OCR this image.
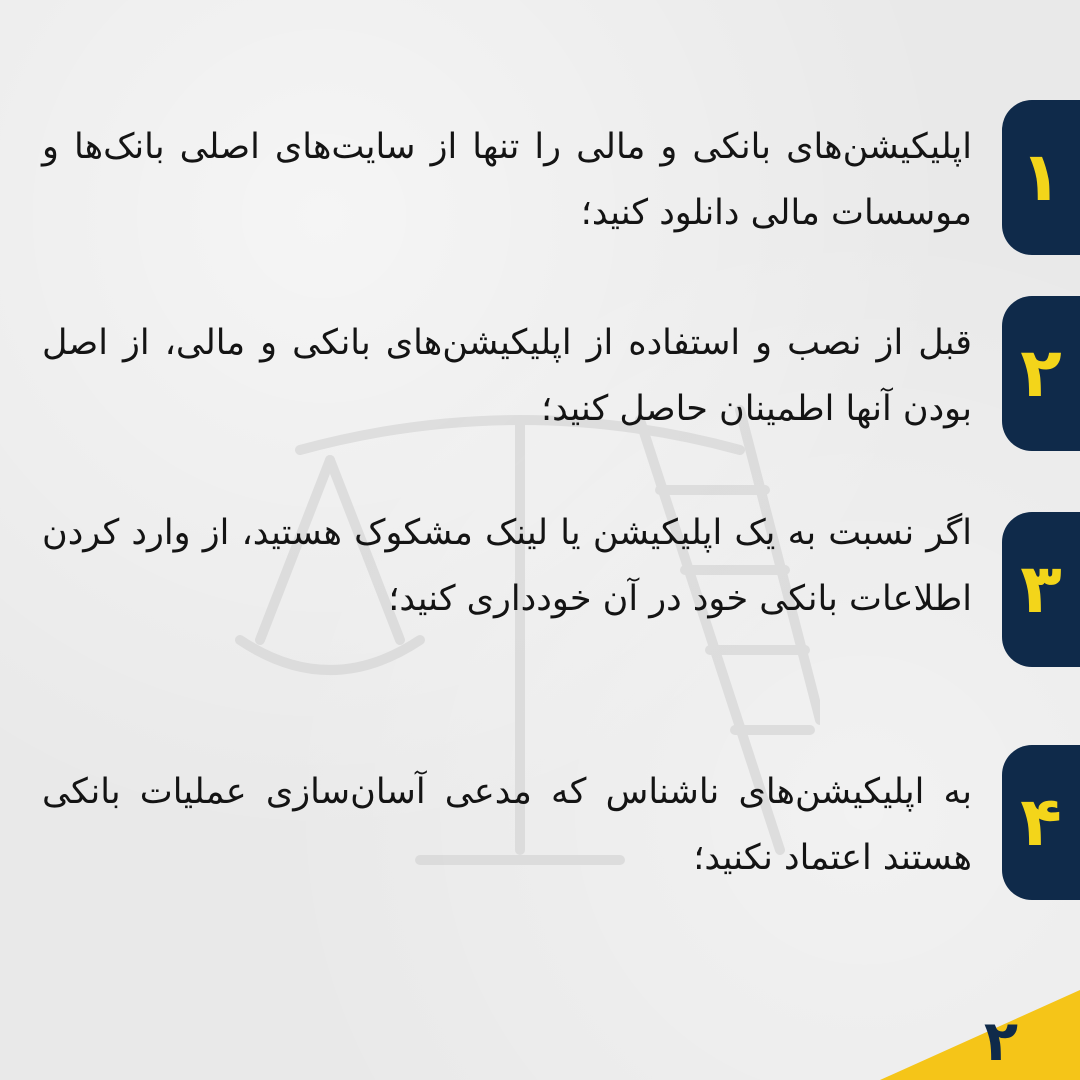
۱
اپلیکیشن‌های بانکی و مالی را تنها از سایت‌های اصلی بانک‌ها و موسسات مالی دانلود کنید؛
۲
قبل از نصب و استفاده از اپلیکیشن‌های بانکی و مالی، از اصل بودن آنها اطمینان حاصل کنید؛
۳
اگر نسبت به یک اپلیکیشن یا لینک مشکوک هستید، از وارد کردن اطلاعات بانکی خود در آن خودداری کنید؛
۴
به اپلیکیشن‌های ناشناس که مدعی آسان‌سازی عملیات بانکی هستند اعتماد نکنید؛
۲
